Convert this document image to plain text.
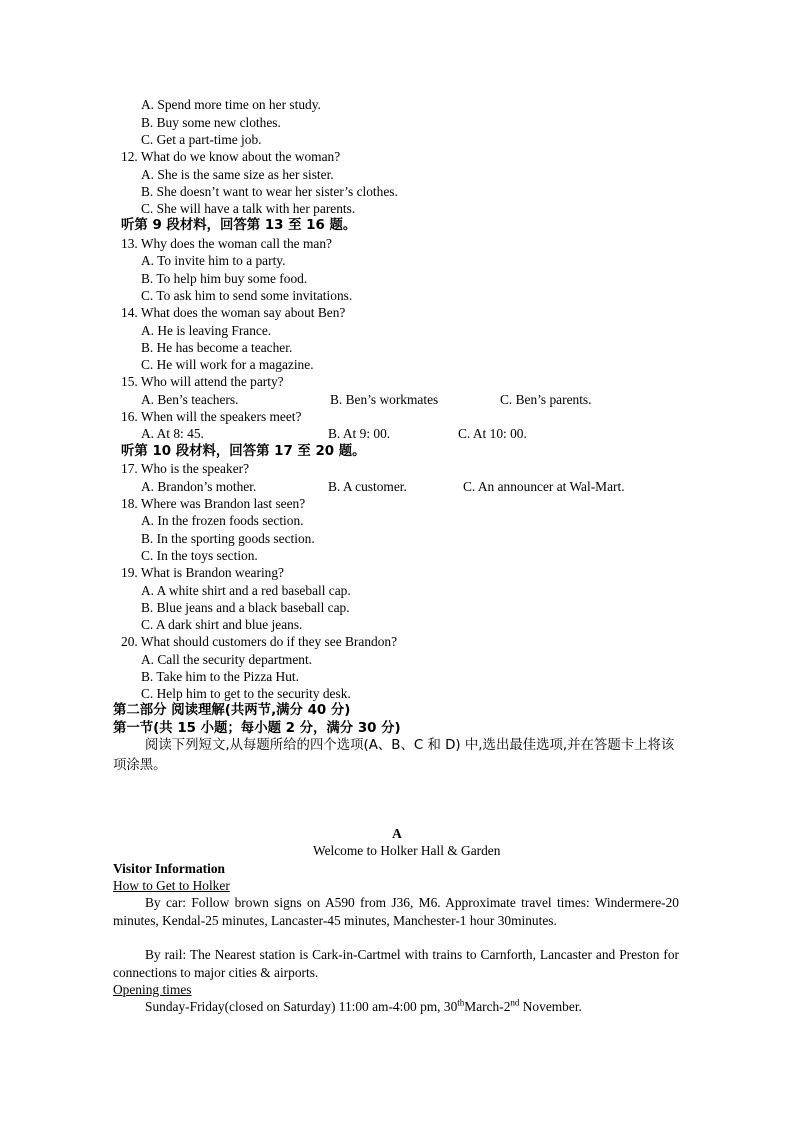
A. Spend more time on her study.
B. Buy some new clothes.
C. Get a part-time job.
12. What do we know about the woman?
A. She is the same size as her sister.
B. She doesn’t want to wear her sister’s clothes.
C. She will have a talk with her parents.
听第 9 段材料，回答第 13 至 16 题。
13. Why does the woman call the man?
A. To invite him to a party.
B. To help him buy some food.
C. To ask him to send some invitations.
14. What does the woman say about Ben?
A. He is leaving France.
B. He has become a teacher.
C. He will work for a magazine.
15. Who will attend the party?
A. Ben’s teachers.	B. Ben’s workmates	C. Ben’s parents.
16. When will the speakers meet?
A. At 8: 45.	B. At 9: 00.	C. At 10: 00.
听第 10 段材料，回答第 17 至 20 题。
17. Who is the speaker?
A. Brandon’s mother.	B. A customer.	C. An announcer at Wal-Mart.
18. Where was Brandon last seen?
A. In the frozen foods section.
B. In the sporting goods section.
C. In the toys section.
19. What is Brandon wearing?
A. A white shirt and a red baseball cap.
B. Blue jeans and a black baseball cap.
C. A dark shirt and blue jeans.
20. What should customers do if they see Brandon?
A. Call the security department.
B. Take him to the Pizza Hut.
C. Help him to get to the security desk.
第二部分 阅读理解(共两节,满分 40 分)
第一节(共 15 小题；每小题 2 分，满分 30 分)
阅读下列短文,从每题所给的四个选项(A、B、C 和 D) 中,选出最佳选项,并在答题卡上将该项涂黑。
A
Welcome to Holker Hall & Garden
Visitor Information
How to Get to Holker
By car: Follow brown signs on A590 from J36, M6. Approximate travel times: Windermere-20 minutes, Kendal-25 minutes, Lancaster-45 minutes, Manchester-1 hour 30minutes.
By rail: The Nearest station is Cark-in-Cartmel with trains to Carnforth, Lancaster and Preston for connections to major cities & airports.
Opening times
Sunday-Friday(closed on Saturday) 11:00 am-4:00 pm, 30thMarch-2nd November.
